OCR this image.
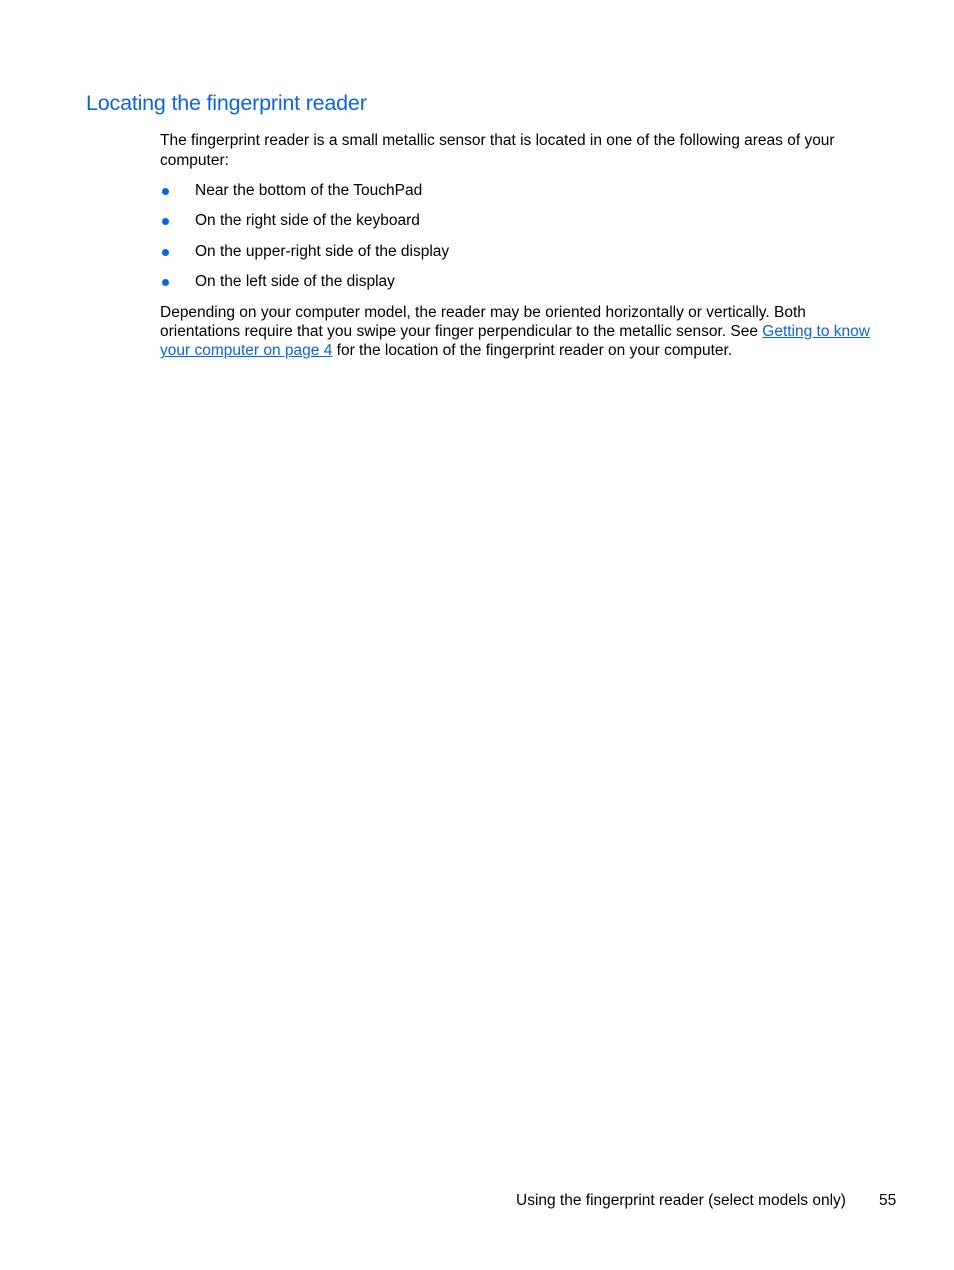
Locating the fingerprint reader

The fingerprint reader is a small metallic sensor that is located in one of the following areas of your computer:

Near the bottom of the TouchPad
On the right side of the keyboard
On the upper-right side of the display
On the left side of the display

Depending on your computer model, the reader may be oriented horizontally or vertically. Both orientations require that you swipe your finger perpendicular to the metallic sensor. See Getting to know your computer on page 4 for the location of the fingerprint reader on your computer.

Using the fingerprint reader (select models only) 55
